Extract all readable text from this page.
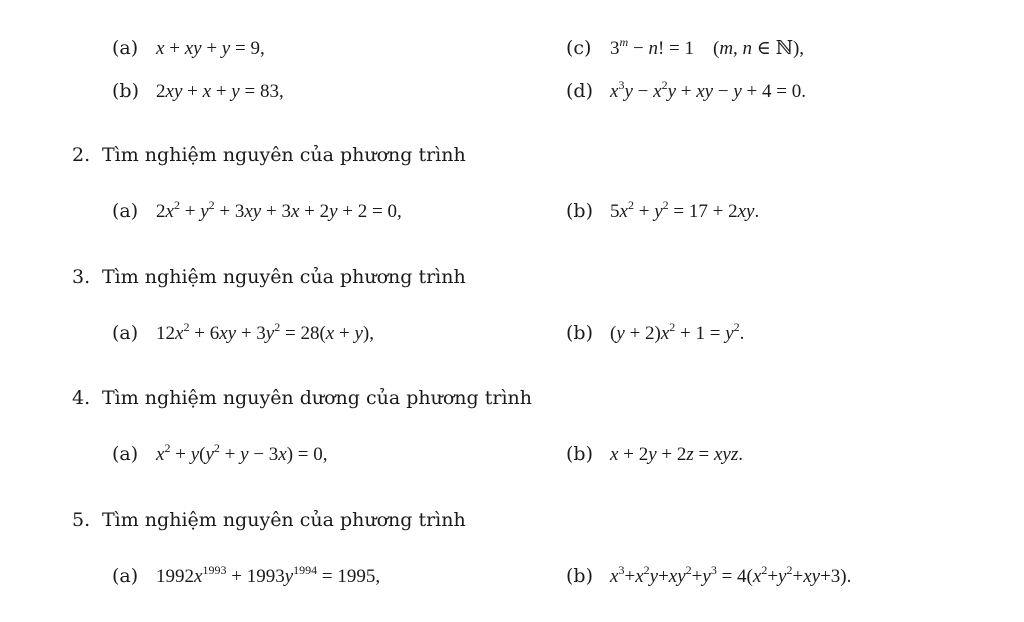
(a) x + xy + y = 9,	(c) $3^m - n$! = 1    (m, n ∈ ℕ),
(b) 2xy + x + y = 83,	(d) $x^3y - x^2y$ + xy − y + 4 = 0.
2. Tìm nghiệm nguyên của phương trình
(a) $2x^2 + y^2 + 3xy + 3x + 2y + 2 = 0$,	(b) $5x^2 + y^2 = 17 + 2xy$.
3. Tìm nghiệm nguyên của phương trình
(a) $12x^2 + 6xy + 3y^2 = 28(x + y)$,	(b) $(y + 2)x^2 + 1 = y^2$.
4. Tìm nghiệm nguyên dương của phương trình
(a) $x^2 + y(y^2 + y - 3x) = 0$,	(b) x + 2y + 2z = xyz.
5. Tìm nghiệm nguyên của phương trình
(a) $1992x^{1993} + 1993y^{1994} = 1995$,	(b) $x^3+x^2y+xy^2+y^3 = 4(x^2+y^2+xy+3)$.
